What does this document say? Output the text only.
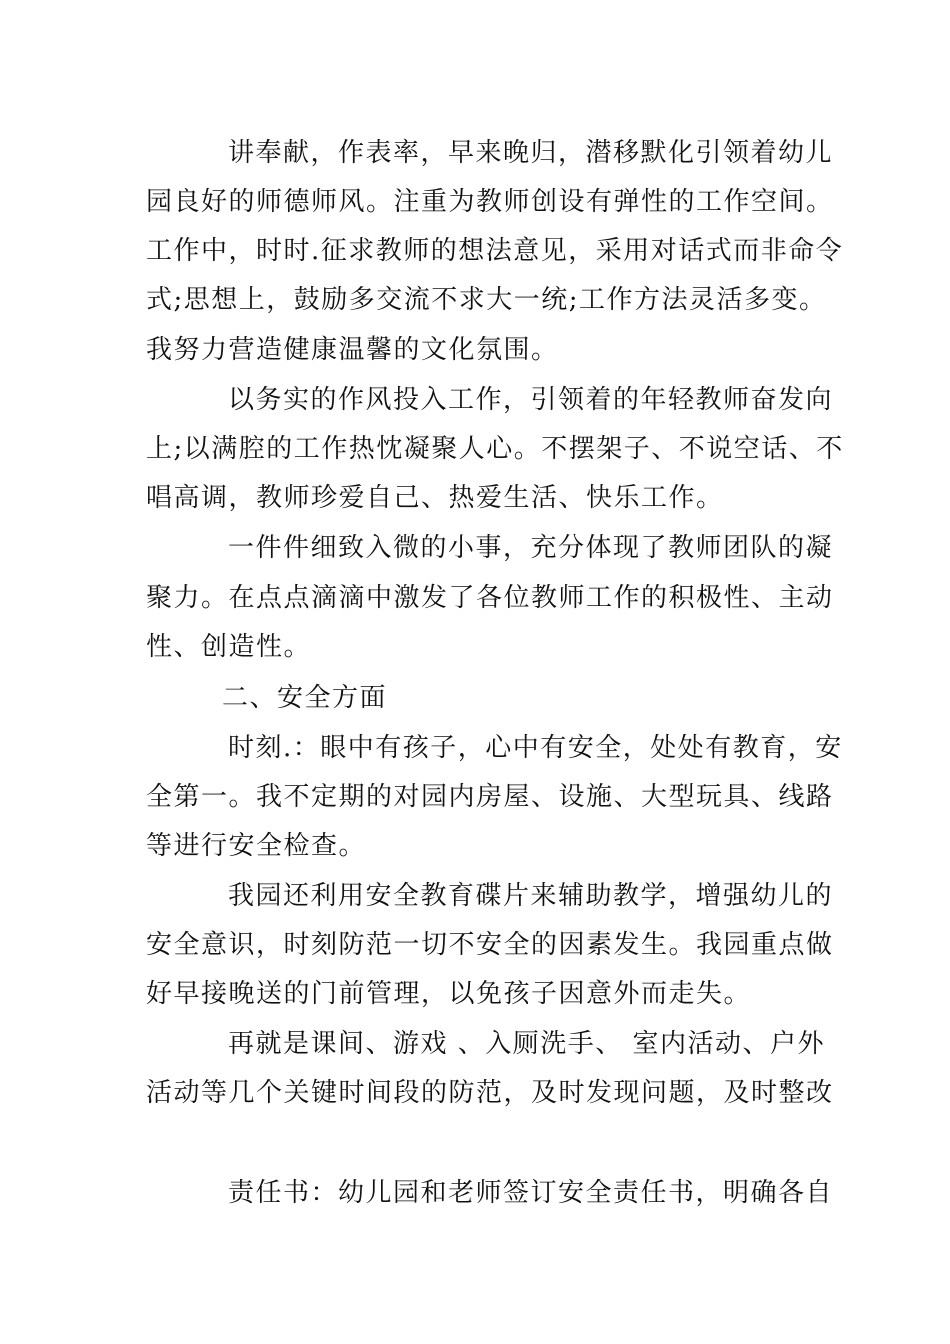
讲奉献，作表率，早来晚归，潜移默化引领着幼儿
园良好的师德师风。注重为教师创设有弹性的工作空间。
工作中，时时.征求教师的想法意见，采用对话式而非命令
式;思想上，鼓励多交流不求大一统;工作方法灵活多变。
我努力营造健康温馨的文化氛围。
以务实的作风投入工作，引领着的年轻教师奋发向
上;以满腔的工作热忱凝聚人心。不摆架子、不说空话、不
唱高调，教师珍爱自己、热爱生活、快乐工作。
一件件细致入微的小事，充分体现了教师团队的凝
聚力。在点点滴滴中激发了各位教师工作的积极性、主动
性、创造性。
二、安全方面
时刻.：眼中有孩子，心中有安全，处处有教育，安
全第一。我不定期的对园内房屋、设施、大型玩具、线路
等进行安全检查。
我园还利用安全教育碟片来辅助教学，增强幼儿的
安全意识，时刻防范一切不安全的因素发生。我园重点做
好早接晚送的门前管理，以免孩子因意外而走失。
再就是课间、游戏 、入厕洗手、 室内活动、户外
活动等几个关键时间段的防范，及时发现问题，及时整改
责任书：幼儿园和老师签订安全责任书，明确各自
